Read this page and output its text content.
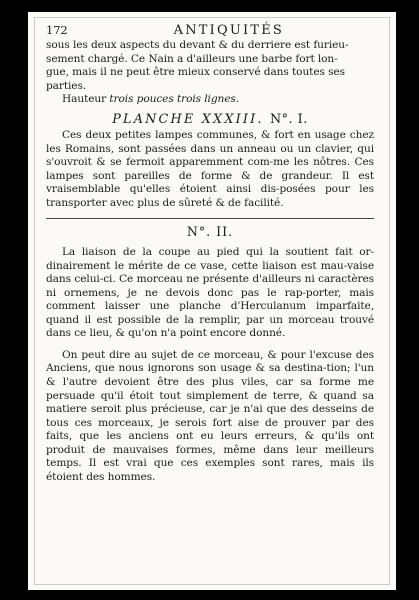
172	ANTIQUITÉS
sous les deux aspects du devant & du derriere est furieu-
sement chargé. Ce Nain a d'ailleurs une barbe fort lon-
gue, mais il ne peut être mieux conservé dans toutes ses
parties.
Hauteur trois pouces trois lignes.
PLANCHE XXXIII. N°. I.
Ces deux petites lampes communes, & fort en usage chez les Romains, sont passées dans un anneau ou un clavier, qui s'ouvroit & se fermoit apparemment com-me les nôtres. Ces lampes sont pareilles de forme & de grandeur. Il est vraisemblable qu'elles étoient ainsi dis-posées pour les transporter avec plus de sûreté & de facilité.
N°. II.
La liaison de la coupe au pied qui la soutient fait or-dinairement le mérite de ce vase, cette liaison est mau-vaise dans celui-ci. Ce morceau ne présente d'ailleurs ni caractères ni ornemens, je ne devois donc pas le rap-porter, mais comment laisser une planche d'Herculanum imparfaite, quand il est possible de la remplir, par un morceau trouvé dans ce lieu, & qu'on n'a point encore donné.
On peut dire au sujet de ce morceau, & pour l'excuse des Anciens, que nous ignorons son usage & sa destina-tion; l'un & l'autre devoient être des plus viles, car sa forme me persuade qu'il étoit tout simplement de terre, & quand sa matiere seroit plus précieuse, car je n'ai que des desseins de tous ces morceaux, je serois fort aise de prouver par des faits, que les anciens ont eu leurs erreurs, & qu'ils ont produit de mauvaises formes, même dans leur meilleurs temps. Il est vrai que ces exemples sont rares, mais ils étoient des hommes.
